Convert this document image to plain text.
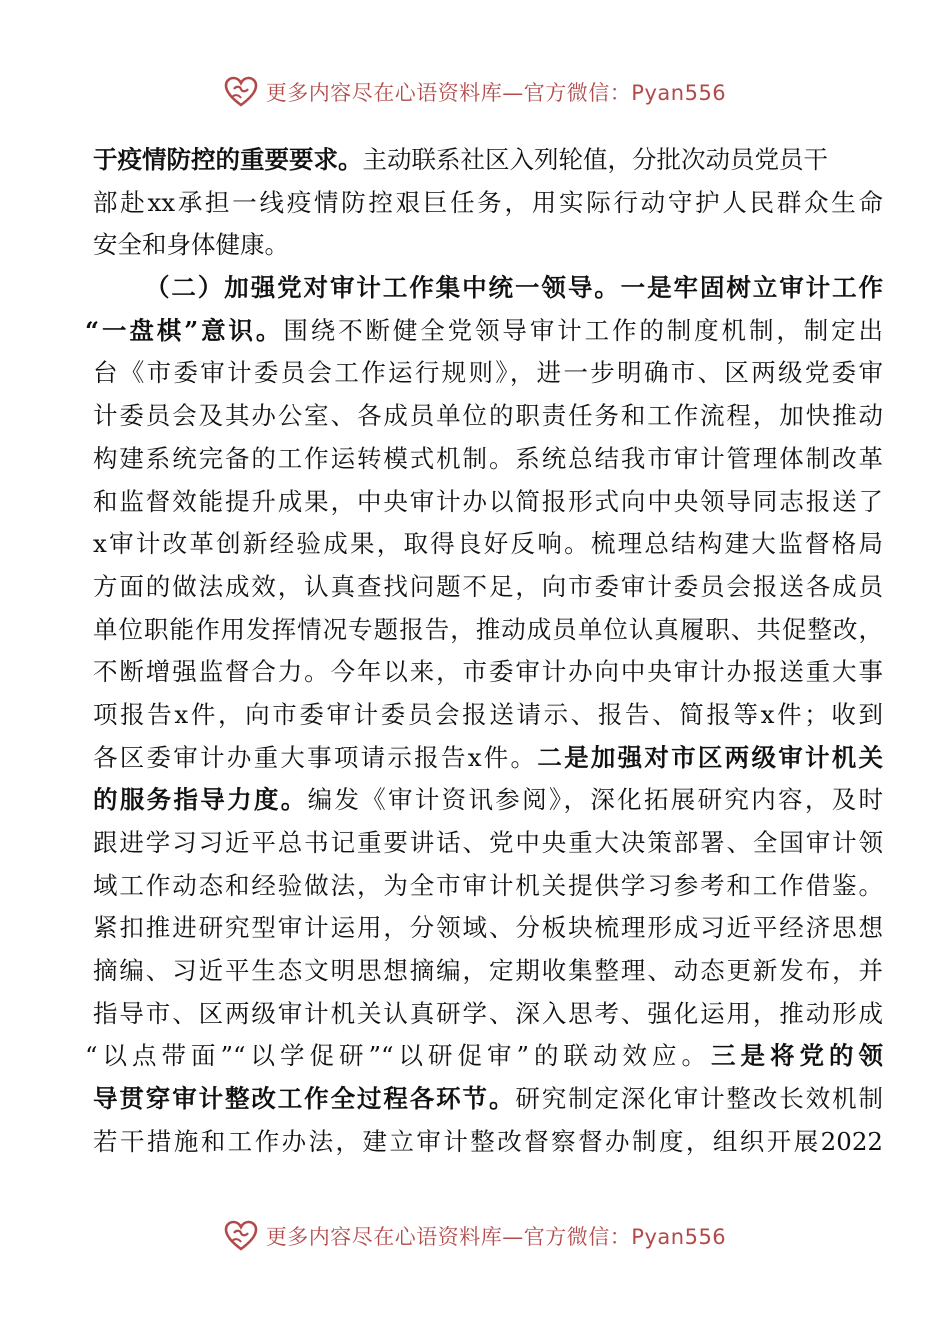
更多内容尽在心语资料库—官方微信：Pyan556
于疫情防控的重要要求。主动联系社区入列轮值，分批次动员党员干
部赴xx承担一线疫情防控艰巨任务，用实际行动守护人民群众生命
安全和身体健康。
（二）加强党对审计工作集中统一领导。一是牢固树立审计工作
“一盘棋”意识。围绕不断健全党领导审计工作的制度机制，制定出
台《市委审计委员会工作运行规则》，进一步明确市、区两级党委审
计委员会及其办公室、各成员单位的职责任务和工作流程，加快推动
构建系统完备的工作运转模式机制。系统总结我市审计管理体制改革
和监督效能提升成果，中央审计办以简报形式向中央领导同志报送了
x审计改革创新经验成果，取得良好反响。梳理总结构建大监督格局
方面的做法成效，认真查找问题不足，向市委审计委员会报送各成员
单位职能作用发挥情况专题报告，推动成员单位认真履职、共促整改，
不断增强监督合力。今年以来，市委审计办向中央审计办报送重大事
项报告x件，向市委审计委员会报送请示、报告、简报等x件；收到
各区委审计办重大事项请示报告x件。二是加强对市区两级审计机关
的服务指导力度。编发《审计资讯参阅》，深化拓展研究内容，及时
跟进学习习近平总书记重要讲话、党中央重大决策部署、全国审计领
域工作动态和经验做法，为全市审计机关提供学习参考和工作借鉴。
紧扣推进研究型审计运用，分领域、分板块梳理形成习近平经济思想
摘编、习近平生态文明思想摘编，定期收集整理、动态更新发布，并
指导市、区两级审计机关认真研学、深入思考、强化运用，推动形成
“以点带面”“以学促研”“以研促审”的联动效应。三是将党的领
导贯穿审计整改工作全过程各环节。研究制定深化审计整改长效机制
若干措施和工作办法，建立审计整改督察督办制度，组织开展2022
更多内容尽在心语资料库—官方微信：Pyan556
